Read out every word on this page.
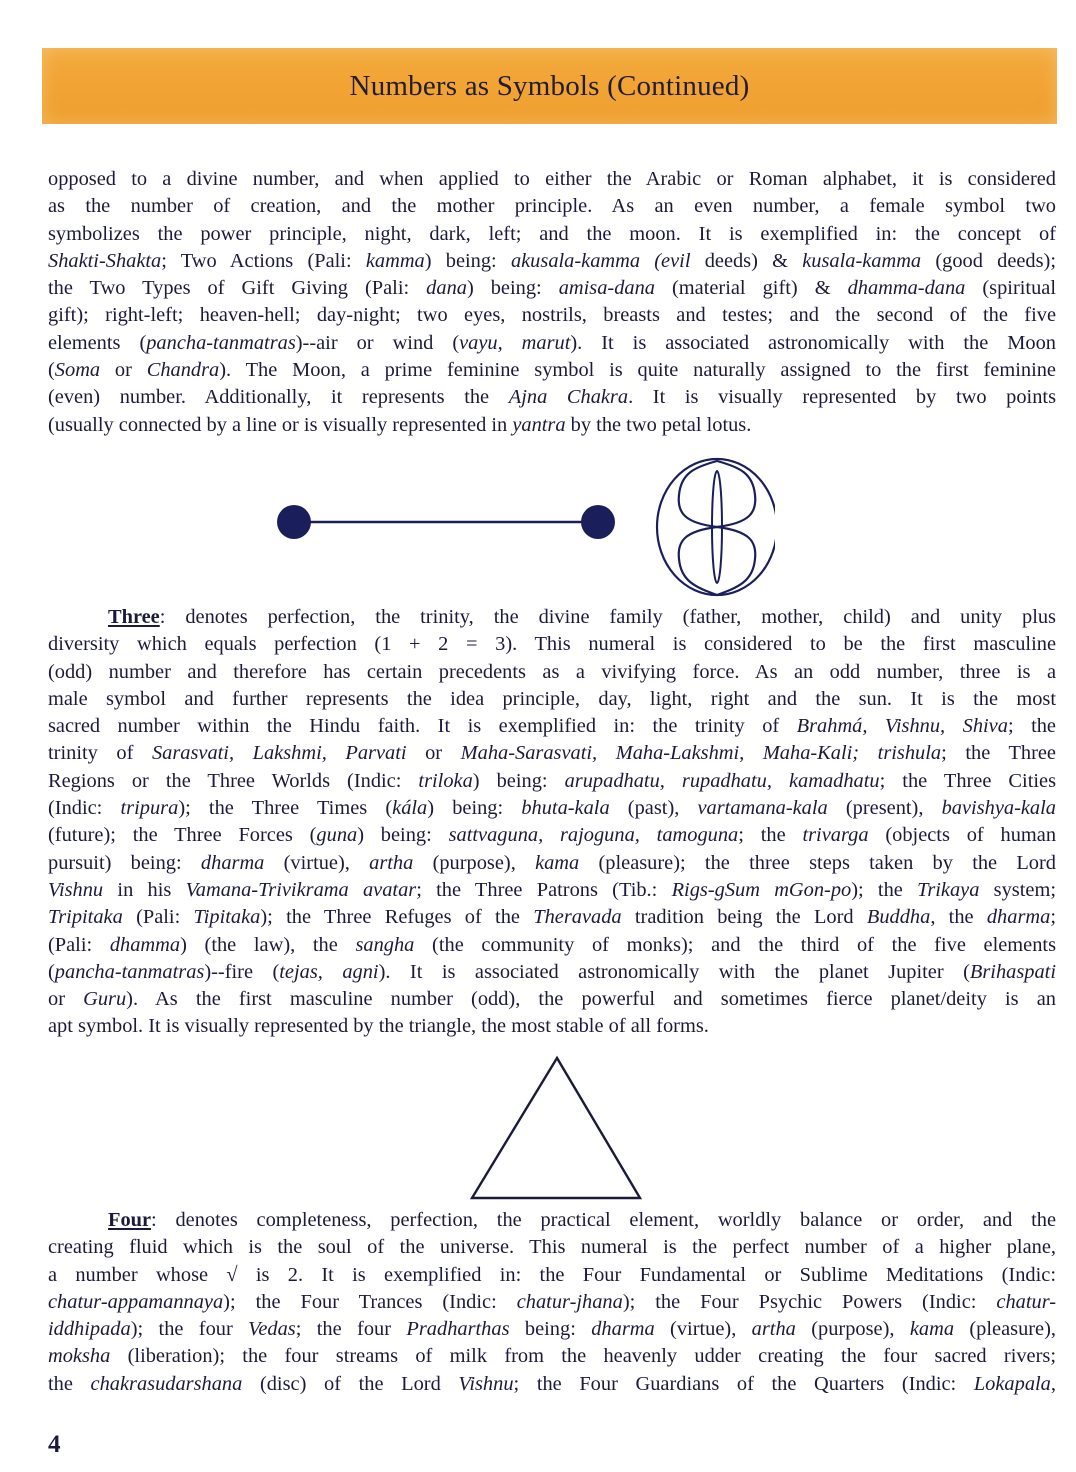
Numbers as Symbols (Continued)
opposed to a divine number, and when applied to either the Arabic or Roman alphabet, it is considered
as the number of creation, and the mother principle. As an even number, a female symbol two
symbolizes the power principle, night, dark, left; and the moon. It is exemplified in: the concept of
Shakti-Shakta; Two Actions (Pali: kamma) being: akusala-kamma (evil deeds) & kusala-kamma (good deeds);
the Two Types of Gift Giving (Pali: dana) being: amisa-dana (material gift) & dhamma-dana (spiritual
gift); right-left; heaven-hell; day-night; two eyes, nostrils, breasts and testes; and the second of the five
elements (pancha-tanmatras)--air or wind (vayu, marut). It is associated astronomically with the Moon
(Soma or Chandra). The Moon, a prime feminine symbol is quite naturally assigned to the first feminine
(even) number. Additionally, it represents the Ajna Chakra. It is visually represented by two points
(usually connected by a line or is visually represented in yantra by the two petal lotus.
Three: denotes perfection, the trinity, the divine family (father, mother, child) and unity plus
diversity which equals perfection (1 + 2 = 3). This numeral is considered to be the first masculine
(odd) number and therefore has certain precedents as a vivifying force. As an odd number, three is a
male symbol and further represents the idea principle, day, light, right and the sun. It is the most
sacred number within the Hindu faith. It is exemplified in: the trinity of Brahmá, Vishnu, Shiva; the
trinity of Sarasvati, Lakshmi, Parvati or Maha-Sarasvati, Maha-Lakshmi, Maha-Kali; trishula; the Three
Regions or the Three Worlds (Indic: triloka) being: arupadhatu, rupadhatu, kamadhatu; the Three Cities
(Indic: tripura); the Three Times (kála) being: bhuta-kala (past), vartamana-kala (present), bavishya-kala
(future); the Three Forces (guna) being: sattvaguna, rajoguna, tamoguna; the trivarga (objects of human
pursuit) being: dharma (virtue), artha (purpose), kama (pleasure); the three steps taken by the Lord
Vishnu in his Vamana-Trivikrama avatar; the Three Patrons (Tib.: Rigs-gSum mGon-po); the Trikaya system;
Tripitaka (Pali: Tipitaka); the Three Refuges of the Theravada tradition being the Lord Buddha, the dharma;
(Pali: dhamma) (the law), the sangha (the community of monks); and the third of the five elements
(pancha-tanmatras)--fire (tejas, agni). It is associated astronomically with the planet Jupiter (Brihaspati
or Guru). As the first masculine number (odd), the powerful and sometimes fierce planet/deity is an
apt symbol. It is visually represented by the triangle, the most stable of all forms.
Four: denotes completeness, perfection, the practical element, worldly balance or order, and the
creating fluid which is the soul of the universe. This numeral is the perfect number of a higher plane,
a number whose √ is 2. It is exemplified in: the Four Fundamental or Sublime Meditations (Indic:
chatur-appamannaya); the Four Trances (Indic: chatur-jhana); the Four Psychic Powers (Indic: chatur-
iddhipada); the four Vedas; the four Pradharthas being: dharma (virtue), artha (purpose), kama (pleasure),
moksha (liberation); the four streams of milk from the heavenly udder creating the four sacred rivers;
the chakrasudarshana (disc) of the Lord Vishnu; the Four Guardians of the Quarters (Indic: Lokapala,
4
